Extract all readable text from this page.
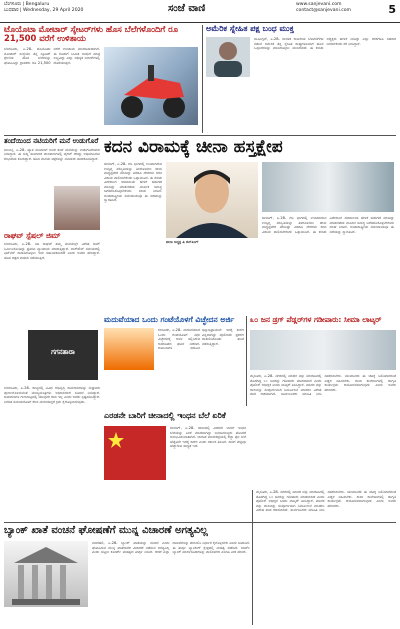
ಬೆಂಗಳೂರು | Bengaluru
ಬುಧವಾರ | Wednesday, 29 April 2020	ಸಂಜೆ ವಾಣಿ	www.sanjevani.com
contact@sanjevani.com	5
ಟೊಯೊಟಾ ಮೋಟಾರ್ ಸ್ಕೇಟರ್‌ಗಳು ಹೊಸ ಬೆಲೆಗಳೊಂದಿಗೆ ರೂ 21,500 ವರೆಗೆ ಉಳಿತಾಯ
ಬೆಂಗಳೂರು, ಏ.28- ಟೊಯೊಟಾ ಮೋಟಾರ್ ಸಂಸ್ಥೆಯು ತನ್ನ ಸ್ಕೂಟರ್ ಶ್ರೇಣಿಯ ಹೊಸ ಬೆಲೆಗಳನ್ನು ಘೋಷಿಸಿದ್ದು ಗ್ರಾಹಕರು ರೂ 21,500 ವರೆಗೆ ಉಳಿತಾಯ ಮಾಡಬಹುದಾಗಿದೆ. ಈ ಕೊಡುಗೆ ಸೀಮಿತ ಅವಧಿಗೆ ಮಾತ್ರ ಲಭ್ಯವಿದ್ದು ಎಲ್ಲಾ ಅಧಿಕೃತ ಡೀಲರ್‌ಗಳಲ್ಲಿ ದೊರೆಯುತ್ತದೆ.
ಅಮೆರಿಕ ಸ್ನೇಹಿತ ಪಕ್ಷ ಬಂಧ ಮುಕ್ತ
ವಾಷಿಂಗ್ಟನ್, ಏ.28- ಜಾಗತಿಕ ರಾಜಕೀಯ ಬೆಳವಣಿಗೆಗಳ ನಡುವೆ ಅಮೆರಿಕ ತನ್ನ ಸ್ನೇಹಿತ ರಾಷ್ಟ್ರಗಳೊಂದಿಗೆ ಹೊಸ ಒಪ್ಪಂದಗಳನ್ನು ಮಾಡಿಕೊಳ್ಳಲು ಮುಂದಾಗಿದೆ. ಈ ಕುರಿತು ಅಧ್ಯಕ್ಷರು ಹೇಳಿಕೆ ನೀಡಿದ್ದು ಎಲ್ಲಾ ದೇಶಗಳೂ ಸಹಕಾರ ನೀಡಬೇಕೆಂದು ಕರೆ ನೀಡಿದ್ದಾರೆ.
ತಂದೆಯಿಂದ ನಟಿಯರಿಗೆ ಮನೆ ಉಡುಗೊರೆ
ಮುಂಬೈ, ಏ.28- ಖ್ಯಾತ ನಟಿಯರಿಗೆ ಅವರ ತಂದೆ ಮನೆಯನ್ನು ಉಡುಗೊರೆಯಾಗಿ ನೀಡಿದ್ದಾರೆ. ಈ ಸುದ್ದಿ ಸಾಮಾಜಿಕ ಜಾಲತಾಣಗಳಲ್ಲಿ ವೈರಲ್ ಆಗಿದ್ದು ಅಭಿಮಾನಿಗಳು ಶುಭಾಶಯ ಕೋರಿದ್ದಾರೆ. ಹೊಸ ಮನೆಯ ಚಿತ್ರಗಳನ್ನು ನಟಿಯರು ಹಂಚಿಕೊಂಡಿದ್ದಾರೆ.
ಕದನ ವಿರಾಮಕ್ಕೆ ಚೀನಾ ಹಸ್ತಕ್ಷೇಪ
ಬೀಜಿಂಗ್, ಏ.28- ಗಡಿ ಭಾಗದಲ್ಲಿ ಉಂಟಾಗಿರುವ ಉದ್ವಿಗ್ನ ಪರಿಸ್ಥಿತಿಯನ್ನು ತಿಳಿಗೊಳಿಸಲು ಚೀನಾ ಮಧ್ಯಪ್ರವೇಶ ಮಾಡಿದ್ದು ಎರಡೂ ದೇಶಗಳು ಕದನ ವಿರಾಮ ಪಾಲಿಸಬೇಕೆಂದು ಒತ್ತಾಯಿಸಿದೆ. ಈ ಕುರಿತು ವಿದೇಶಾಂಗ ಸಚಿವಾಲಯ ಹೇಳಿಕೆ ಬಿಡುಗಡೆ ಮಾಡಿದ್ದು ಮಾತುಕತೆಯ ಮೂಲಕ ಸಮಸ್ಯೆ ಬಗೆಹರಿಸಿಕೊಳ್ಳಬೇಕೆಂದು ಸಲಹೆ ನೀಡಿದೆ. ಅಂತಾರಾಷ್ಟ್ರೀಯ ಸಮುದಾಯವೂ ಈ ನಡೆಯನ್ನು ಸ್ವಾಗತಿಸಿದೆ.
ಚೀನಾ ಅಧ್ಯಕ್ಷ ಷಿ ಜಿನ್‌ಪಿಂಗ್
ಬೀಜಿಂಗ್, ಏ.28- ಗಡಿ ಭಾಗದಲ್ಲಿ ಉಂಟಾಗಿರುವ ಉದ್ವಿಗ್ನ ಪರಿಸ್ಥಿತಿಯನ್ನು ತಿಳಿಗೊಳಿಸಲು ಚೀನಾ ಮಧ್ಯಪ್ರವೇಶ ಮಾಡಿದ್ದು ಎರಡೂ ದೇಶಗಳು ಕದನ ವಿರಾಮ ಪಾಲಿಸಬೇಕೆಂದು ಒತ್ತಾಯಿಸಿದೆ. ಈ ಕುರಿತು ವಿದೇಶಾಂಗ ಸಚಿವಾಲಯ ಹೇಳಿಕೆ ಬಿಡುಗಡೆ ಮಾಡಿದ್ದು ಮಾತುಕತೆಯ ಮೂಲಕ ಸಮಸ್ಯೆ ಬಗೆಹರಿಸಿಕೊಳ್ಳಬೇಕೆಂದು ಸಲಹೆ ನೀಡಿದೆ. ಅಂತಾರಾಷ್ಟ್ರೀಯ ಸಮುದಾಯವೂ ಈ ನಡೆಯನ್ನು ಸ್ವಾಗತಿಸಿದೆ.
ರಾಘವ್ ಸ್ಪೆಷಲ್ ಜಿಮ್
ಬೆಂಗಳೂರು, ಏ.28- ನಟ ರಾಘವ್ ತಮ್ಮ ಮನೆಯಲ್ಲೇ ವಿಶೇಷ ಜಿಮ್ ನಿರ್ಮಿಸಿಕೊಂಡಿದ್ದು ಪ್ರತಿದಿನ ವ್ಯಾಯಾಮ ಮಾಡುತ್ತಿದ್ದಾರೆ. ಲಾಕ್‌ಡೌನ್ ಸಮಯದಲ್ಲಿ ಫಿಟ್‌ನೆಸ್ ಕಾಪಾಡಿಕೊಳ್ಳಲು ಇದು ಸಹಾಯಕವಾಗಿದೆ ಎಂದು ಅವರು ಹೇಳಿದ್ದಾರೆ. ಹೊಸ ಚಿತ್ರದ ತಯಾರಿ ನಡೆಯುತ್ತಿದೆ.
ಗಗನತಾರಾ
ಮದುವೆಯಾದ ಒಂದು ಗಂಟೆಯೊಳಗೆ ವಿಚ್ಛೇದನ ಅರ್ಜಿ
ಕಲಬುರಗಿ, ಏ.28- ಮದುವೆಯಾದ ಒಂದು ಗಂಟೆಯೊಳಗೆ ವಧು ವಿಚ್ಛೇದನಕ್ಕೆ ಅರ್ಜಿ ಸಲ್ಲಿಸಿರುವ ಅಪರೂಪದ ಘಟನೆ ನಡೆದಿದೆ. ಕುಟುಂಬಗಳ ನಡುವಿನ ಭಿನ್ನಾಭಿಪ್ರಾಯವೇ ಇದಕ್ಕೆ ಕಾರಣ ಎನ್ನಲಾಗಿದ್ದು ಪೊಲೀಸರು ಪ್ರಕರಣ ದಾಖಲಿಸಿಕೊಂಡು ತನಿಖೆ ನಡೆಸುತ್ತಿದ್ದಾರೆ.
೩೦ ಜನ ಡ್ರಗ್ ಪೆಡ್ಲರ್‌ಗಳ ಗಡೀಪಾರು: ಸೀಮಾ ಲಾಟ್ಕರ್
ಮೈಸೂರು, ಏ.28- ನಗರದಲ್ಲಿ ಮಾದಕ ವಸ್ತು ಮಾರಾಟದಲ್ಲಿ ತೊಡಗಿದ್ದ ೩೦ ಜನರನ್ನು ಗಡೀಪಾರು ಮಾಡಲಾಗಿದೆ ಎಂದು ಪೊಲೀಸ್ ಅಧೀಕ್ಷಕಿ ಸೀಮಾ ಲಾಟ್ಕರ್ ತಿಳಿಸಿದ್ದಾರೆ. ಮಾದಕ ವಸ್ತು ಜಾಲವನ್ನು ಸಂಪೂರ್ಣವಾಗಿ ನಿರ್ಮೂಲನೆ ಮಾಡಲು ವಿಶೇಷ ತಂಡ ರಚಿಸಲಾಗಿದೆ. ಸಾರ್ವಜನಿಕರು ಮಾಹಿತಿ ನೀಡಿ ಸಹಕರಿಸಬೇಕು. ಯುವಜನರು ಈ ಚಟಕ್ಕೆ ಬಲಿಯಾಗದಂತೆ ಎಚ್ಚರ ವಹಿಸಬೇಕು. ಶಾಲಾ ಕಾಲೇಜುಗಳಲ್ಲಿ ಜಾಗೃತಿ ಕಾರ್ಯಕ್ರಮ ಆಯೋಜಿಸಲಾಗುವುದು ಎಂದು ಅವರು ಹೇಳಿದರು.
ಎರಡನೇ ಬಾರಿಗೆ ಚೀನಾದಲ್ಲಿ ಇಂಧನ ಬೆಲೆ ಏರಿಕೆ
ಬೀಜಿಂಗ್, ಏ.28- ಚೀನಾದಲ್ಲಿ ಎರಡನೇ ಬಾರಿಗೆ ಇಂಧನ ಬೆಲೆಯನ್ನು ಏರಿಕೆ ಮಾಡಲಾಗಿದ್ದು ಜನಸಾಮಾನ್ಯರು ತೊಂದರೆ ಅನುಭವಿಸುವಂತಾಗಿದೆ. ಜಾಗತಿಕ ಮಾರುಕಟ್ಟೆಯಲ್ಲಿ ಕಚ್ಚಾ ತೈಲ ಬೆಲೆ ಹೆಚ್ಚಳವೇ ಇದಕ್ಕೆ ಕಾರಣ ಎಂದು ಸರ್ಕಾರ ತಿಳಿಸಿದೆ. ಸಾರಿಗೆ ವೆಚ್ಚವೂ ಹೆಚ್ಚಾಗುವ ಸಾಧ್ಯತೆ ಇದೆ.
ಬೆಂಗಳೂರು, ಏ.28- ರಾಜ್ಯದಲ್ಲಿ ವಿವಿಧ ಅಭಿವೃದ್ಧಿ ಕಾಮಗಾರಿಗಳನ್ನು ಶೀಘ್ರವಾಗಿ ಪೂರ್ಣಗೊಳಿಸುವಂತೆ ಮುಖ್ಯಮಂತ್ರಿಗಳು ಅಧಿಕಾರಿಗಳಿಗೆ ಸೂಚನೆ ನೀಡಿದ್ದಾರೆ. ಕಾಮಗಾರಿಗಳ ಗುಣಮಟ್ಟದಲ್ಲಿ ಯಾವುದೇ ರಾಜಿ ಇಲ್ಲ ಎಂದು ಅವರು ಸ್ಪಷ್ಟಪಡಿಸಿದ್ದಾರೆ. ನಿಗದಿತ ಸಮಯದೊಳಗೆ ಕೆಲಸ ಮುಗಿಸದಿದ್ದರೆ ಕ್ರಮ ಕೈಗೊಳ್ಳಲಾಗುವುದು.
ಬ್ಯಾಂಕ್ ಖಾತೆ ವಂಚನೆ ಘೋಷಣೆಗೆ ಮುನ್ನ ವಿಚಾರಣೆ ಅಗತ್ಯವಿಲ್ಲ
ನವದೆಹಲಿ, ಏ.28- ಬ್ಯಾಂಕ್ ಖಾತೆಯನ್ನು ವಂಚನೆ ಎಂದು ಘೋಷಿಸುವ ಮುನ್ನ ಖಾತೆದಾರರ ವಿಚಾರಣೆ ನಡೆಸುವ ಅಗತ್ಯವಿಲ್ಲ ಎಂದು ಸುಪ್ರೀಂ ಕೋರ್ಟ್ ಮಹತ್ವದ ತೀರ್ಪು ನೀಡಿದೆ. ಆದರೆ ಎಲ್ಲಾ ದಾಖಲೆಗಳನ್ನು ಪರಿಶೀಲಿಸಿ ನಿರ್ಧಾರ ಕೈಗೊಳ್ಳಬೇಕು ಎಂದು ಸೂಚಿಸಿದೆ. ಈ ತೀರ್ಪು ಬ್ಯಾಂಕಿಂಗ್ ಕ್ಷೇತ್ರದಲ್ಲಿ ಮಹತ್ವ ಪಡೆದಿದೆ. ರಿಸರ್ವ್ ಬ್ಯಾಂಕ್ ಮಾರ್ಗಸೂಚಿಗಳನ್ನು ಪಾಲಿಸಬೇಕು ಎಂದೂ ಪೀಠ ಹೇಳಿದೆ.
ಮೈಸೂರು, ಏ.28- ನಗರದಲ್ಲಿ ಮಾದಕ ವಸ್ತು ಮಾರಾಟದಲ್ಲಿ ತೊಡಗಿದ್ದ ೩೦ ಜನರನ್ನು ಗಡೀಪಾರು ಮಾಡಲಾಗಿದೆ ಎಂದು ಪೊಲೀಸ್ ಅಧೀಕ್ಷಕಿ ಸೀಮಾ ಲಾಟ್ಕರ್ ತಿಳಿಸಿದ್ದಾರೆ. ಮಾದಕ ವಸ್ತು ಜಾಲವನ್ನು ಸಂಪೂರ್ಣವಾಗಿ ನಿರ್ಮೂಲನೆ ಮಾಡಲು ವಿಶೇಷ ತಂಡ ರಚಿಸಲಾಗಿದೆ. ಸಾರ್ವಜನಿಕರು ಮಾಹಿತಿ ನೀಡಿ ಸಹಕರಿಸಬೇಕು. ಯುವಜನರು ಈ ಚಟಕ್ಕೆ ಬಲಿಯಾಗದಂತೆ ಎಚ್ಚರ ವಹಿಸಬೇಕು. ಶಾಲಾ ಕಾಲೇಜುಗಳಲ್ಲಿ ಜಾಗೃತಿ ಕಾರ್ಯಕ್ರಮ ಆಯೋಜಿಸಲಾಗುವುದು ಎಂದು ಅವರು ಹೇಳಿದರು.
